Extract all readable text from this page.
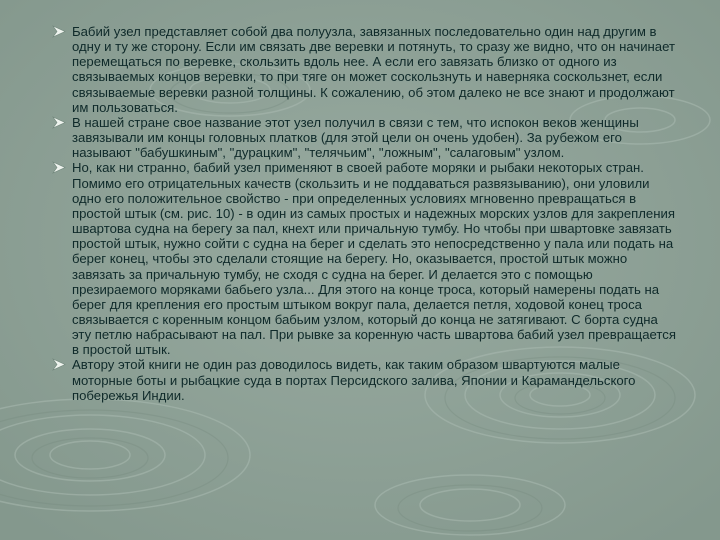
Бабий узел представляет собой два полуузла, завязанных последовательно один над другим в одну и ту же сторону. Если им связать две веревки и потянуть, то сразу же видно, что он начинает перемещаться по веревке, скользить вдоль нее. А если его завязать близко от одного из связываемых концов веревки, то при тяге он может соскользнуть и наверняка соскользнет, если связываемые веревки разной толщины. К сожалению, об этом далеко не все знают и продолжают им пользоваться.
В нашей стране свое название этот узел получил в связи с тем, что испокон веков женщины завязывали им концы головных платков (для этой цели он очень удобен). За рубежом его называют "бабушкиным", "дурацким", "телячьим", "ложным", "салаговым" узлом.
Но, как ни странно, бабий узел применяют в своей работе моряки и рыбаки некоторых стран. Помимо его отрицательных качеств (скользить и не поддаваться развязыванию), они уловили одно его положительное свойство - при определенных условиях мгновенно превращаться в простой штык (см. рис. 10) - в один из самых простых и надежных морских узлов для закрепления швартова судна на берегу за пал, кнехт или причальную тумбу. Но чтобы при швартовке завязать простой штык, нужно сойти с судна на берег и сделать это непосредственно у пала или подать на берег конец, чтобы это сделали стоящие на берегу. Но, оказывается, простой штык можно завязать за причальную тумбу, не сходя с судна на берег. И делается это с помощью презираемого моряками бабьего узла... Для этого на конце троса, который намерены подать на берег для крепления его простым штыком вокруг пала, делается петля, ходовой конец троса связывается с коренным концом бабьим узлом, который до конца не затягивают. С борта судна эту петлю набрасывают на пал. При рывке за коренную часть швартова бабий узел превращается в простой штык.
Автору этой книги не один раз доводилось видеть, как таким образом швартуются малые моторные боты и рыбацкие суда в портах Персидского залива, Японии и Карамандельского побережья Индии.
